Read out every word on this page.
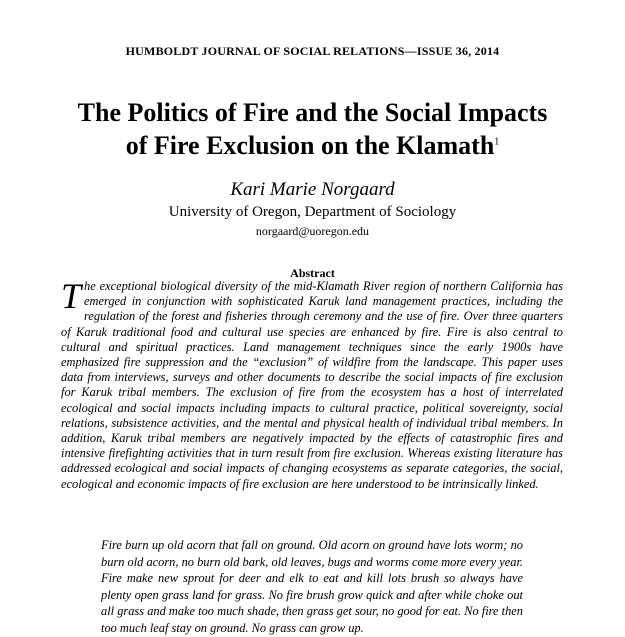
HUMBOLDT JOURNAL OF SOCIAL RELATIONS—ISSUE 36, 2014
The Politics of Fire and the Social Impacts
of Fire Exclusion on the Klamath$^1$
Kari Marie Norgaard
University of Oregon, Department of Sociology
norgaard@uoregon.edu
Abstract

The exceptional biological diversity of the mid-Klamath River region of northern California has emerged in conjunction with sophisticated Karuk land management practices, including the regulation of the forest and fisheries through ceremony and the use of fire. Over three quarters of Karuk traditional food and cultural use species are enhanced by fire. Fire is also central to cultural and spiritual practices. Land management techniques since the early 1900s have emphasized fire suppression and the “exclusion” of wildfire from the landscape. This paper uses data from interviews, surveys and other documents to describe the social impacts of fire exclusion for Karuk tribal members. The exclusion of fire from the ecosystem has a host of interrelated ecological and social impacts including impacts to cultural practice, political sovereignty, social relations, subsistence activities, and the mental and physical health of individual tribal members. In addition, Karuk tribal members are negatively impacted by the effects of catastrophic fires and intensive firefighting activities that in turn result from fire exclusion. Whereas existing literature has addressed ecological and social impacts of changing ecosystems as separate categories, the social, ecological and economic impacts of fire exclusion are here understood to be intrinsically linked.

Fire burn up old acorn that fall on ground. Old acorn on ground have lots worm; no burn old acorn, no burn old bark, old leaves, bugs and worms come more every year. Fire make new sprout for deer and elk to eat and kill lots brush so always have plenty open grass land for grass. No fire brush grow quick and after while choke out all grass and make too much shade, then grass get sour, no good for eat. No fire then too much leaf stay on ground. No grass can grow up.
